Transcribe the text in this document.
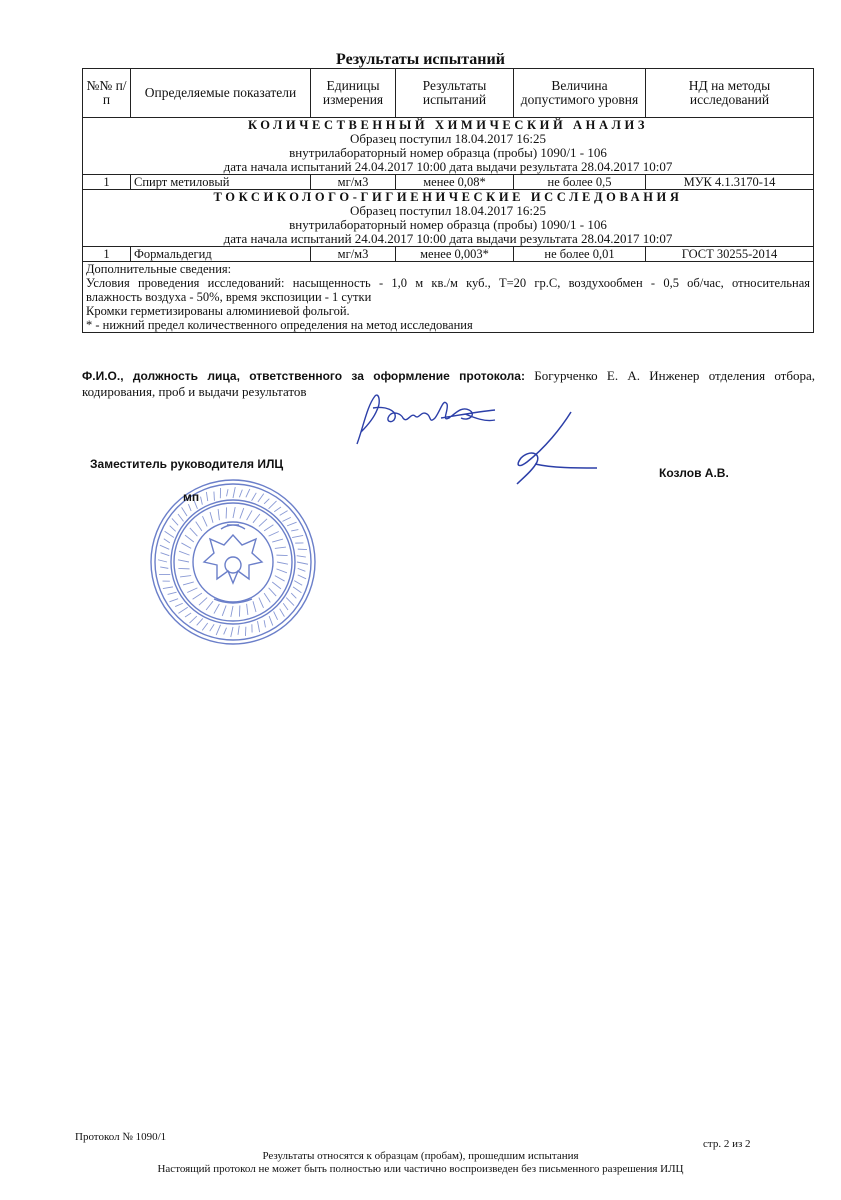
Результаты испытаний
№№ п/п	Определяемые показатели	Единицы измерения	Результаты испытаний	Величина допустимого уровня	НД на методы исследований

КОЛИЧЕСТВЕННЫЙ ХИМИЧЕСКИЙ АНАЛИЗ
Образец поступил 18.04.2017 16:25
внутрилабораторный номер образца (пробы) 1090/1 - 106
дата начала испытаний 24.04.2017 10:00 дата выдачи результата 28.04.2017 10:07					

1	Спирт метиловый	мг/м3	менее 0,08*	не более 0,5	МУК 4.1.3170-14

ТОКСИКОЛОГО-ГИГИЕНИЧЕСКИЕ ИССЛЕДОВАНИЯ
Образец поступил 18.04.2017 16:25
внутрилабораторный номер образца (пробы) 1090/1 - 106
дата начала испытаний 24.04.2017 10:00 дата выдачи результата 28.04.2017 10:07					

1	Формальдегид	мг/м3	менее 0,003*	не более 0,01	ГОСТ 30255-2014

Дополнительные сведения:
Условия проведения исследований: насыщенность - 1,0 м кв./м куб., Т=20 гр.С, воздухообмен - 0,5 об/час, относительная
влажность воздуха - 50%, время экспозиции - 1 сутки
Кромки герметизированы алюминиевой фольгой.
* - нижний предел количественного определения на метод исследования					
Ф.И.О., должность лица, ответственного за оформление протокола: Богурченко Е. А. Инженер отделения отбора, кодирования, проб и выдачи результатов
Заместитель руководителя ИЛЦ
Козлов А.В.
мп
Протокол № 1090/1
стр. 2 из 2
Результаты относятся к образцам (пробам), прошедшим испытания
Настоящий протокол не может быть полностью или частично воспроизведен без письменного разрешения ИЛЦ
